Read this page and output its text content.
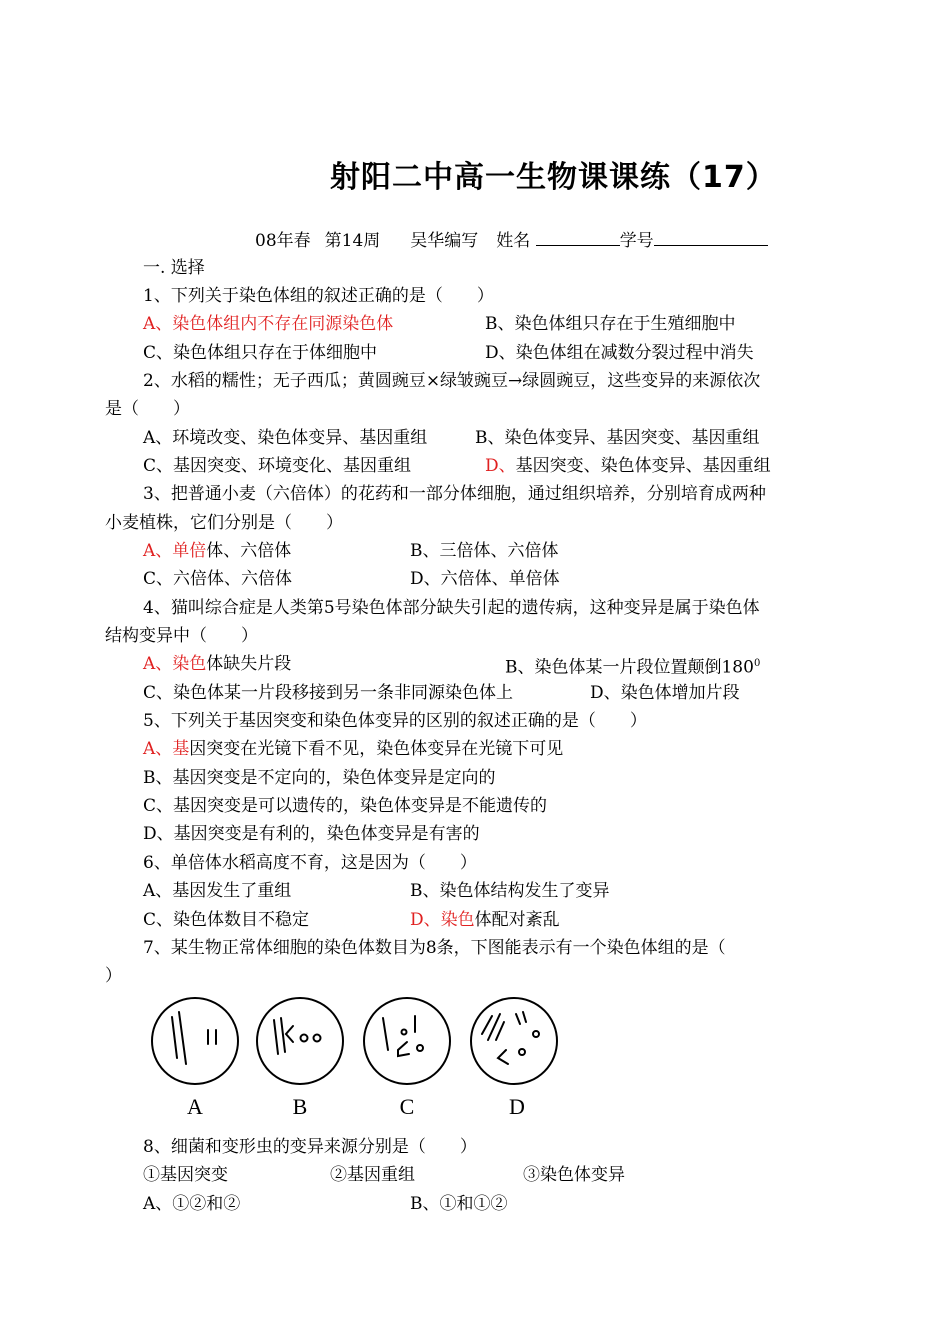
射阳二中高一生物课课练（17）
08年春 第14周 吴华编写 姓名	学号
一. 选择
1、下列关于染色体组的叙述正确的是（　　）
A、染色体组内不存在同源染色体	B、染色体组只存在于生殖细胞中
C、染色体组只存在于体细胞中	D、染色体组在减数分裂过程中消失
2、水稻的糯性；无子西瓜；黄圆豌豆×绿皱豌豆→绿圆豌豆，这些变异的来源依次
是（　　）
A、环境改变、染色体变异、基因重组	B、染色体变异、基因突变、基因重组
C、基因突变、环境变化、基因重组	D、基因突变、染色体变异、基因重组
3、把普通小麦（六倍体）的花药和一部分体细胞，通过组织培养，分别培育成两种
小麦植株，它们分别是（　　）
A、单倍体、六倍体	B、三倍体、六倍体
C、六倍体、六倍体	D、六倍体、单倍体
4、猫叫综合症是人类第5号染色体部分缺失引起的遗传病，这种变异是属于染色体
结构变异中（　　）
A、染色体缺失片段	B、染色体某一片段位置颠倒$180^0$
C、染色体某一片段移接到另一条非同源染色体上	D、染色体增加片段
5、下列关于基因突变和染色体变异的区别的叙述正确的是（　　）
A、基因突变在光镜下看不见，染色体变异在光镜下可见
B、基因突变是不定向的，染色体变异是定向的
C、基因突变是可以遗传的，染色体变异是不能遗传的
D、基因突变是有利的，染色体变异是有害的
6、单倍体水稻高度不育，这是因为（　　）
A、基因发生了重组	B、染色体结构发生了变异
C、染色体数目不稳定	D、染色体配对紊乱
7、某生物正常体细胞的染色体数目为8条，下图能表示有一个染色体组的是（
）
A	B	C	D
8、细菌和变形虫的变异来源分别是（　　）
①基因突变	②基因重组	③染色体变异
A、①②和②	B、①和①②
